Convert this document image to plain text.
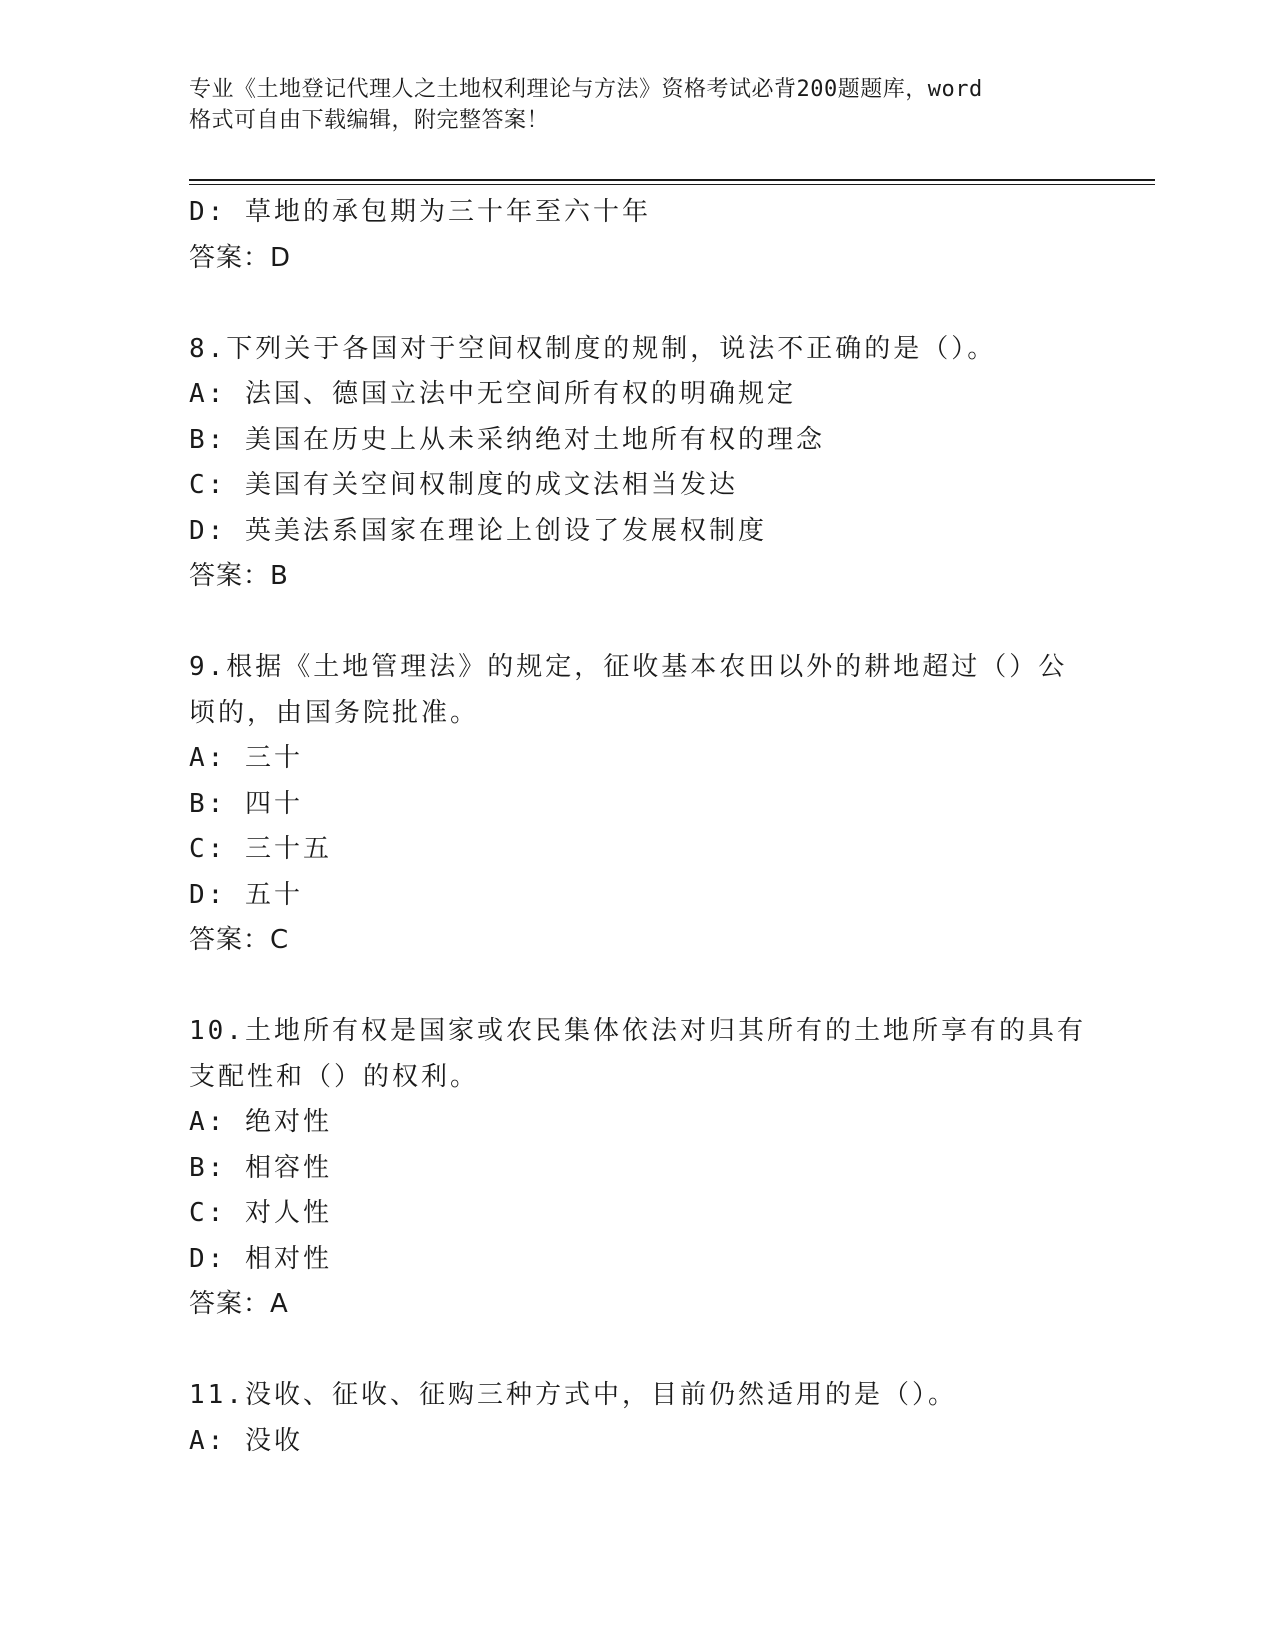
专业《土地登记代理人之土地权利理论与方法》资格考试必背200题题库，word
格式可自由下载编辑，附完整答案！
D: 草地的承包期为三十年至六十年
答案：D
8.下列关于各国对于空间权制度的规制，说法不正确的是（）。
A: 法国、德国立法中无空间所有权的明确规定
B: 美国在历史上从未采纳绝对土地所有权的理念
C: 美国有关空间权制度的成文法相当发达
D: 英美法系国家在理论上创设了发展权制度
答案：B
9.根据《土地管理法》的规定，征收基本农田以外的耕地超过（）公
顷的，由国务院批准。
A: 三十
B: 四十
C: 三十五
D: 五十
答案：C
10.土地所有权是国家或农民集体依法对归其所有的土地所享有的具有
支配性和（）的权利。
A: 绝对性
B: 相容性
C: 对人性
D: 相对性
答案：A
11.没收、征收、征购三种方式中，目前仍然适用的是（）。
A: 没收
